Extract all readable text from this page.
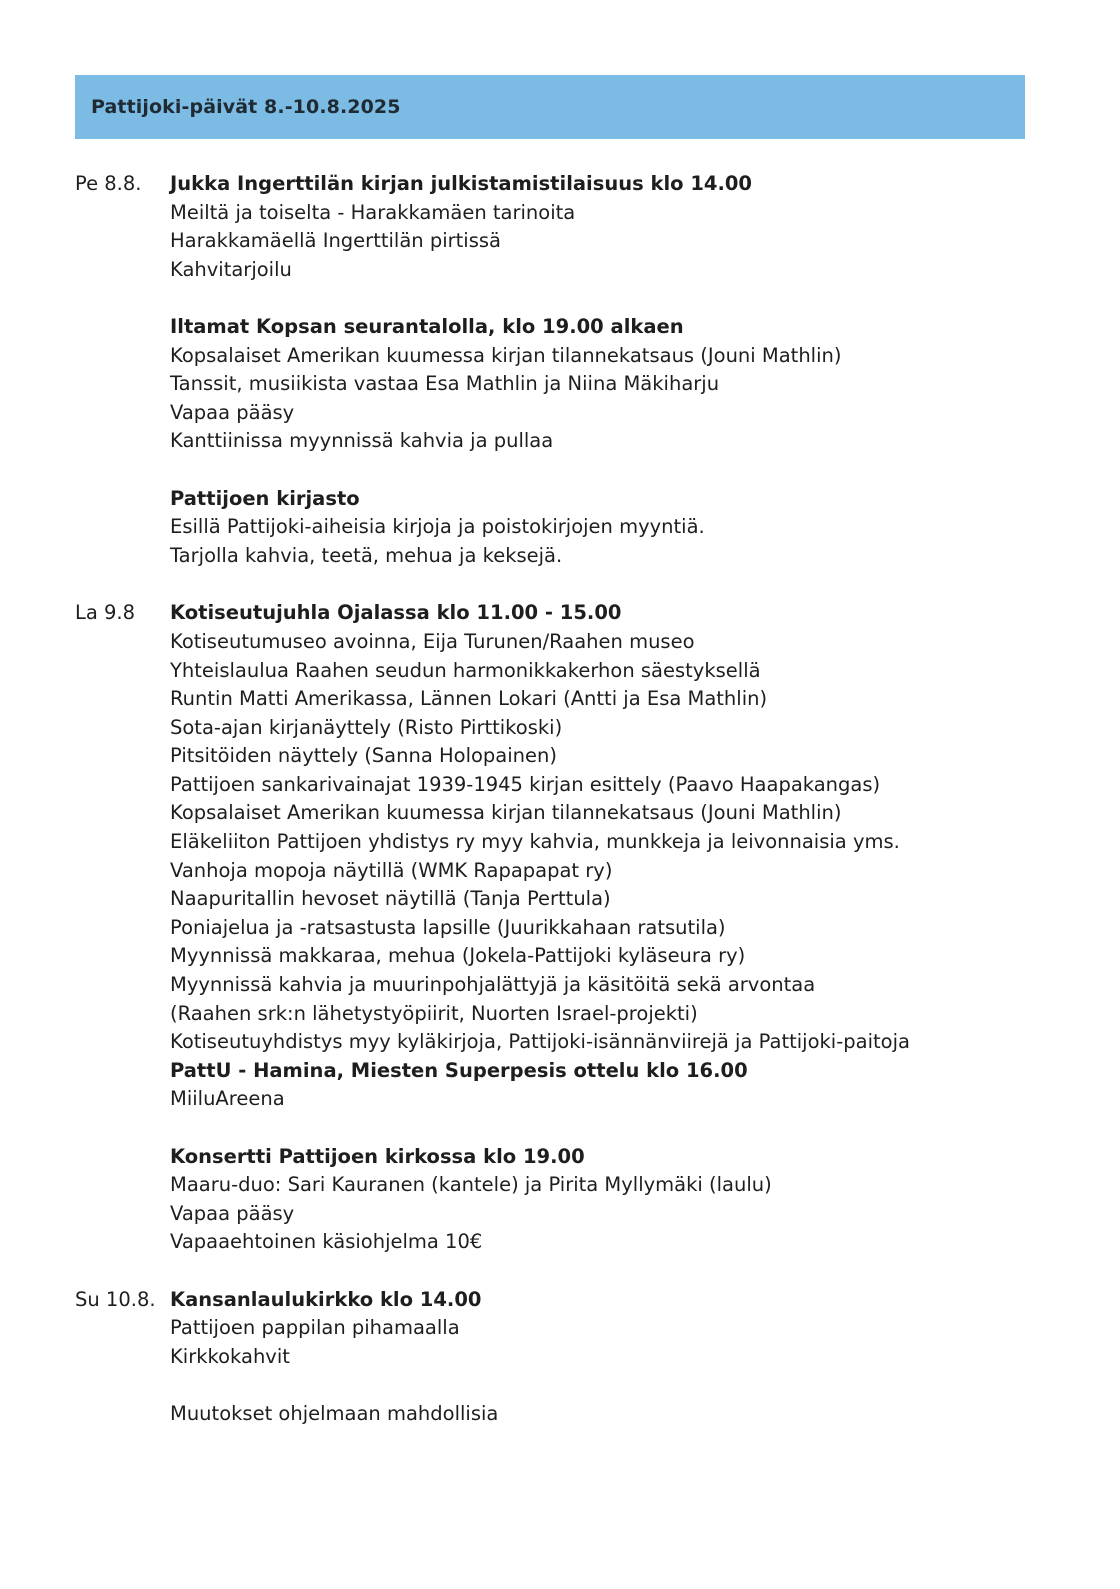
Pattijoki-päivät 8.-10.8.2025
Pe 8.8.	Jukka Ingerttilän kirjan julkistamistilaisuus klo 14.00
Meiltä ja toiselta - Harakkamäen tarinoita
Harakkamäellä Ingerttilän pirtissä
Kahvitarjoilu
Iltamat Kopsan seurantalolla, klo 19.00 alkaen
Kopsalaiset Amerikan kuumessa kirjan tilannekatsaus (Jouni Mathlin)
Tanssit, musiikista vastaa Esa Mathlin ja Niina Mäkiharju
Vapaa pääsy
Kanttiinissa myynnissä kahvia ja pullaa
Pattijoen kirjasto
Esillä Pattijoki-aiheisia kirjoja ja poistokirjojen myyntiä.
Tarjolla kahvia, teetä, mehua ja keksejä.
La 9.8	Kotiseutujuhla Ojalassa klo 11.00 - 15.00
Kotiseutumuseo avoinna, Eija Turunen/Raahen museo
Yhteislaulua Raahen seudun harmonikkakerhon säestyksellä
Runtin Matti Amerikassa, Lännen Lokari (Antti ja Esa Mathlin)
Sota-ajan kirjanäyttely (Risto Pirttikoski)
Pitsitöiden näyttely (Sanna Holopainen)
Pattijoen sankarivainajat 1939-1945 kirjan esittely (Paavo Haapakangas)
Kopsalaiset Amerikan kuumessa kirjan tilannekatsaus (Jouni Mathlin)
Eläkeliiton Pattijoen yhdistys ry myy kahvia, munkkeja ja leivonnaisia yms.
Vanhoja mopoja näytillä (WMK Rapapapat ry)
Naapuritallin hevoset näytillä (Tanja Perttula)
Poniajelua ja -ratsastusta lapsille (Juurikkahaan ratsutila)
Myynnissä makkaraa, mehua (Jokela-Pattijoki kyläseura ry)
Myynnissä kahvia ja muurinpohjalättyjä ja käsitöitä sekä arvontaa
(Raahen srk:n lähetystyöpiirit, Nuorten Israel-projekti)
Kotiseutuyhdistys myy kyläkirjoja, Pattijoki-isännänviirejä ja Pattijoki-paitoja
PattU - Hamina, Miesten Superpesis ottelu klo 16.00
MiiluAreena
Konsertti Pattijoen kirkossa klo 19.00
Maaru-duo: Sari Kauranen (kantele) ja Pirita Myllymäki (laulu)
Vapaa pääsy
Vapaaehtoinen käsiohjelma 10€
Su 10.8. Kansanlaulukirkko klo 14.00
Pattijoen pappilan pihamaalla
Kirkkokahvit
Muutokset ohjelmaan mahdollisia
